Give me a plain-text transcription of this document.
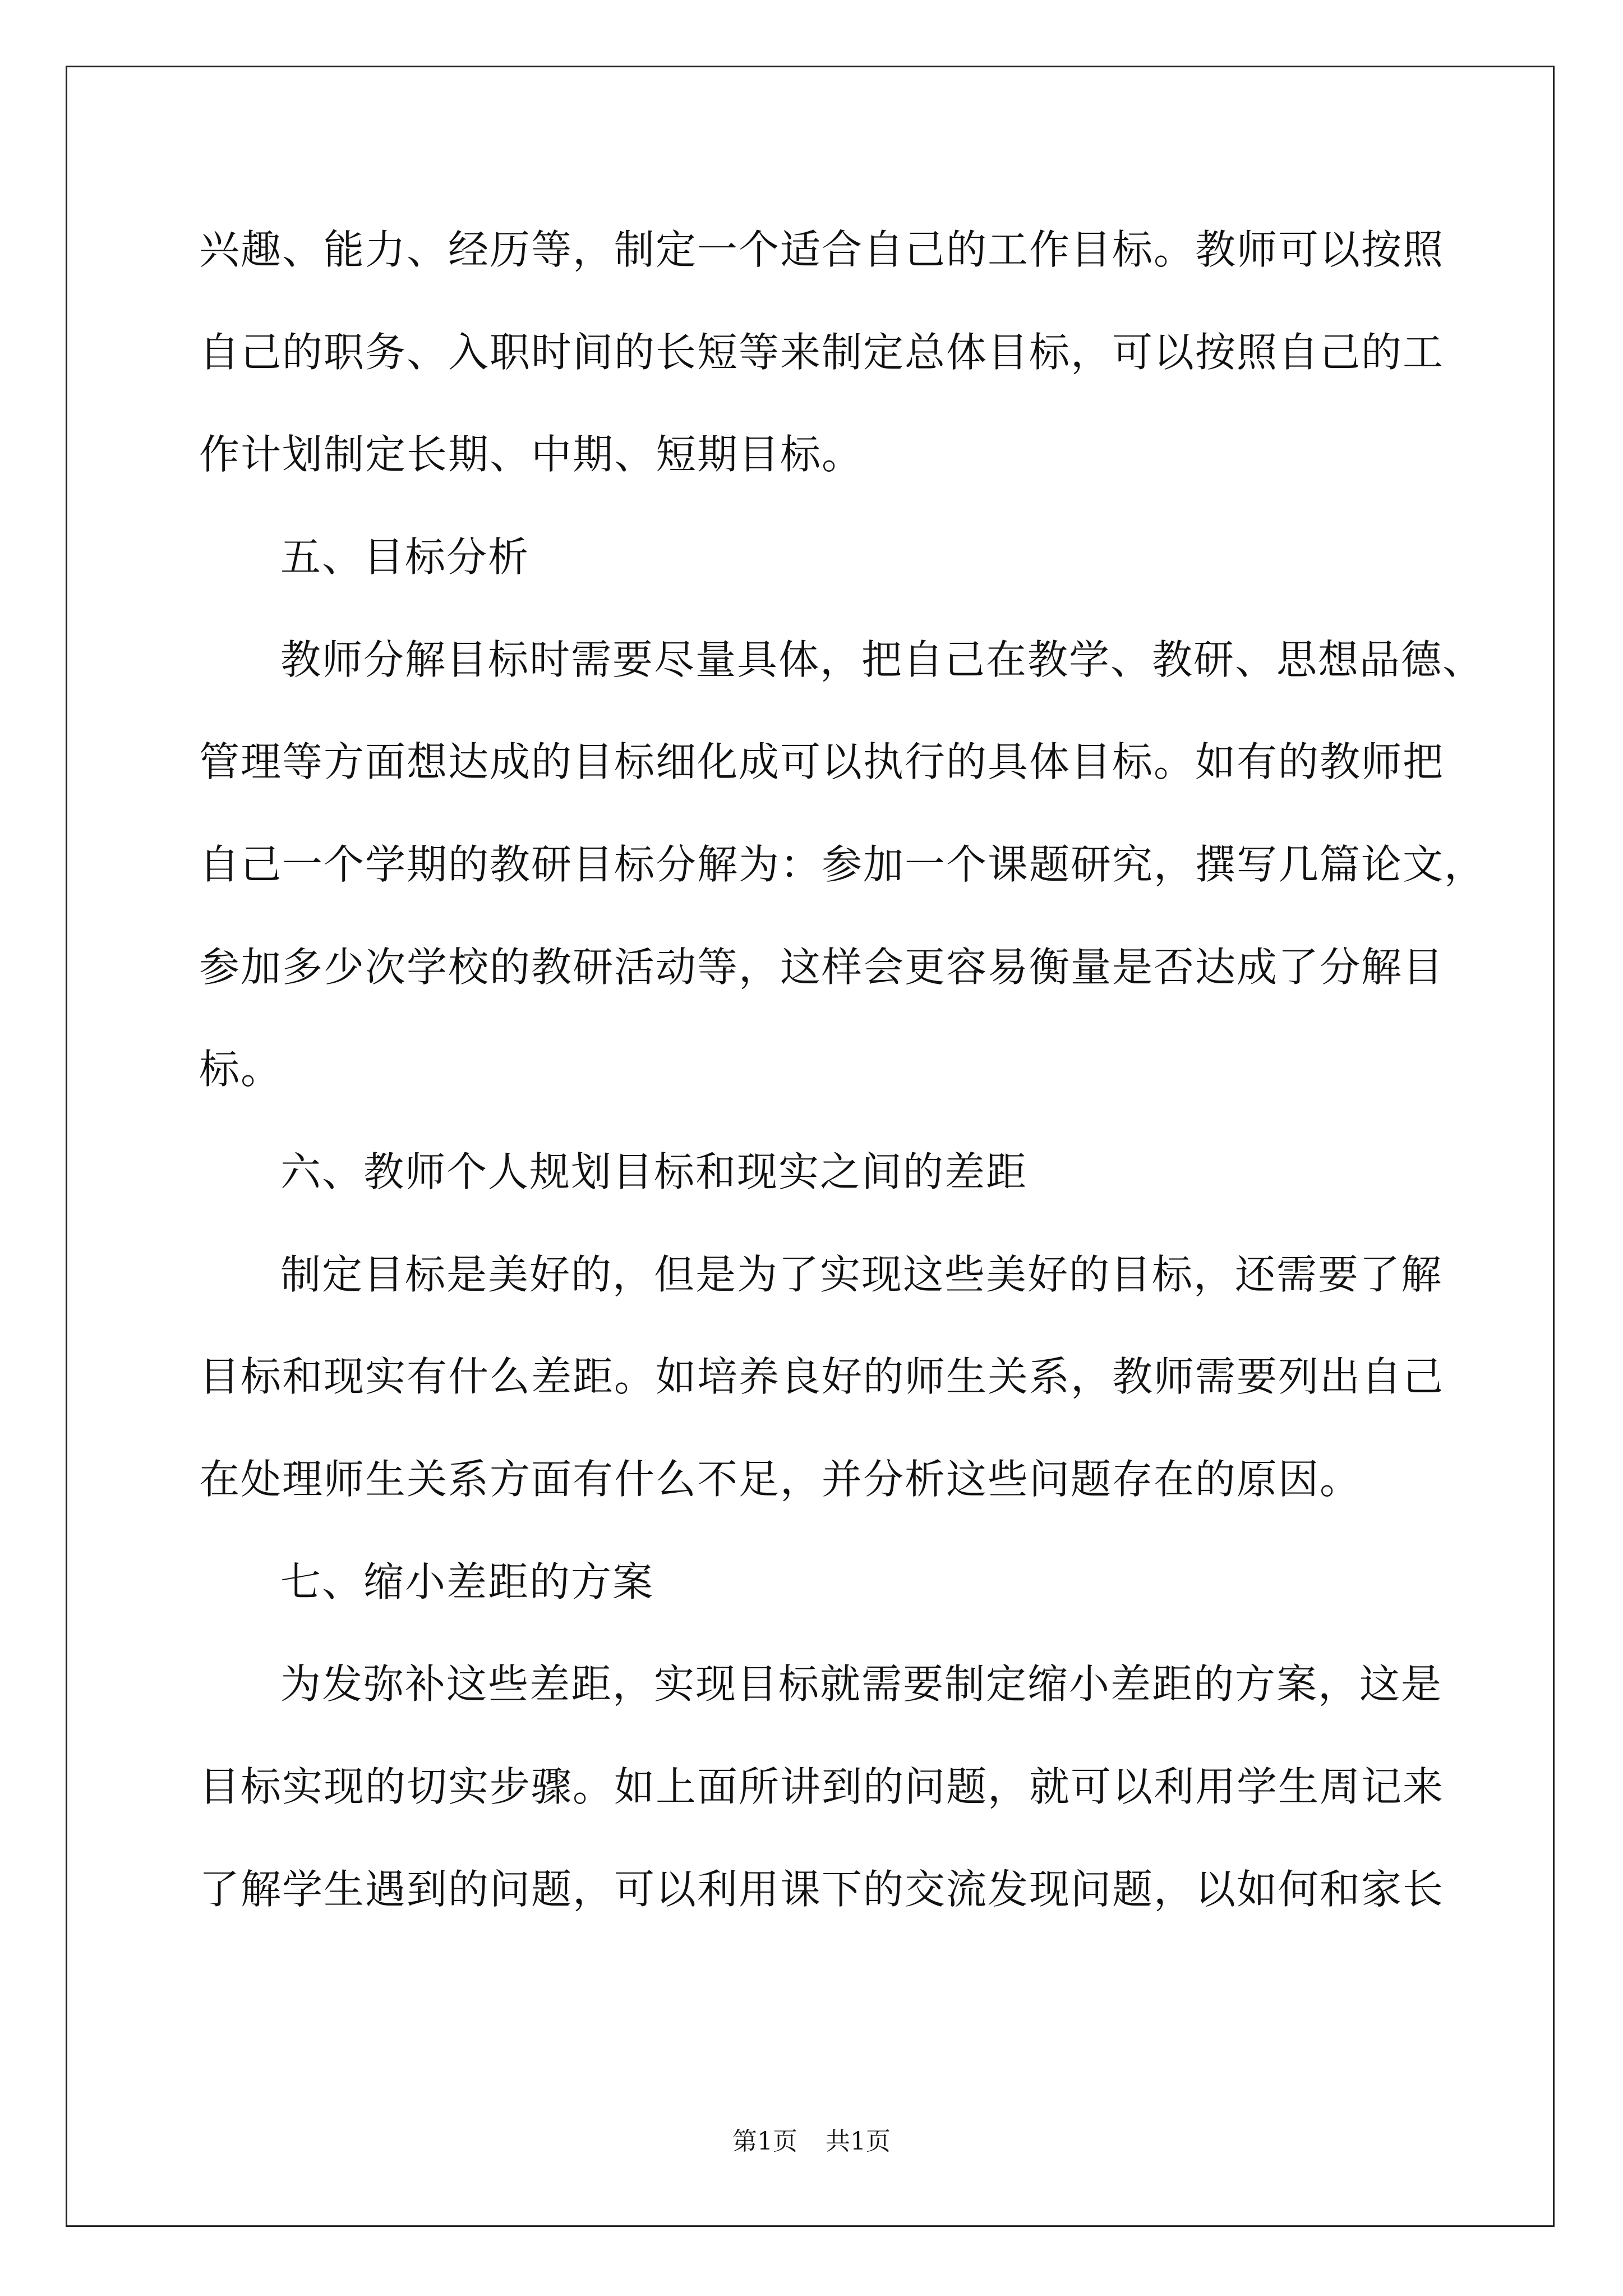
兴趣、能力、经历等，制定一个适合自己的工作目标。教师可以按照
自己的职务、入职时间的长短等来制定总体目标，可以按照自己的工
作计划制定长期、中期、短期目标。
五、目标分析
教师分解目标时需要尽量具体，把自己在教学、教研、思想品德、
管理等方面想达成的目标细化成可以执行的具体目标。如有的教师把
自己一个学期的教研目标分解为：参加一个课题研究，撰写几篇论文，
参加多少次学校的教研活动等，这样会更容易衡量是否达成了分解目
标。
六、教师个人规划目标和现实之间的差距
制定目标是美好的，但是为了实现这些美好的目标，还需要了解
目标和现实有什么差距。如培养良好的师生关系，教师需要列出自己
在处理师生关系方面有什么不足，并分析这些问题存在的原因。
七、缩小差距的方案
为发弥补这些差距，实现目标就需要制定缩小差距的方案，这是
目标实现的切实步骤。如上面所讲到的问题，就可以利用学生周记来
了解学生遇到的问题，可以利用课下的交流发现问题，以如何和家长
第1页 共1页
